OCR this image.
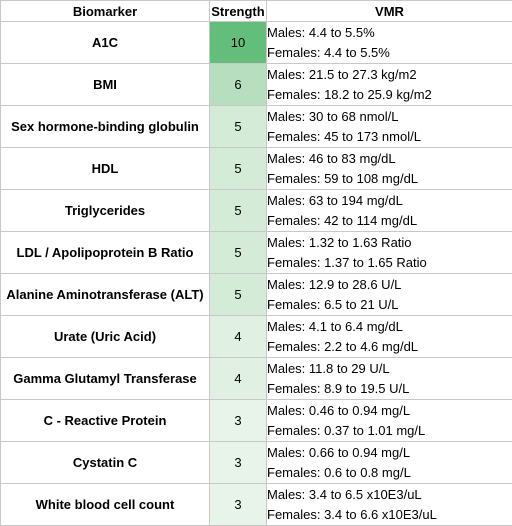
Biomarker	Strength	VMR
A1C	10	Males: 4.4 to 5.5%
Females: 4.4 to 5.5%

BMI	6	Males: 21.5 to 27.3 kg/m2
Females: 18.2 to 25.9 kg/m2

Sex hormone-binding globulin	5	Males: 30 to 68 nmol/L
Females: 45 to 173 nmol/L

HDL	5	Males: 46 to 83 mg/dL
Females: 59 to 108 mg/dL

Triglycerides	5	Males: 63 to 194 mg/dL
Females: 42 to 114 mg/dL

LDL / Apolipoprotein B Ratio	5	Males: 1.32 to 1.63 Ratio
Females: 1.37 to 1.65 Ratio

Alanine Aminotransferase (ALT)	5	Males: 12.9 to 28.6 U/L
Females: 6.5 to 21 U/L

Urate (Uric Acid)	4	Males: 4.1 to 6.4 mg/dL
Females: 2.2 to 4.6 mg/dL

Gamma Glutamyl Transferase	4	Males: 11.8 to 29 U/L
Females: 8.9 to 19.5 U/L

C - Reactive Protein	3	Males: 0.46 to 0.94 mg/L
Females: 0.37 to 1.01 mg/L

Cystatin C	3	Males: 0.66 to 0.94 mg/L
Females: 0.6 to 0.8 mg/L

White blood cell count	3	Males: 3.4 to 6.5 x10E3/uL
Females: 3.4 to 6.6 x10E3/uL
